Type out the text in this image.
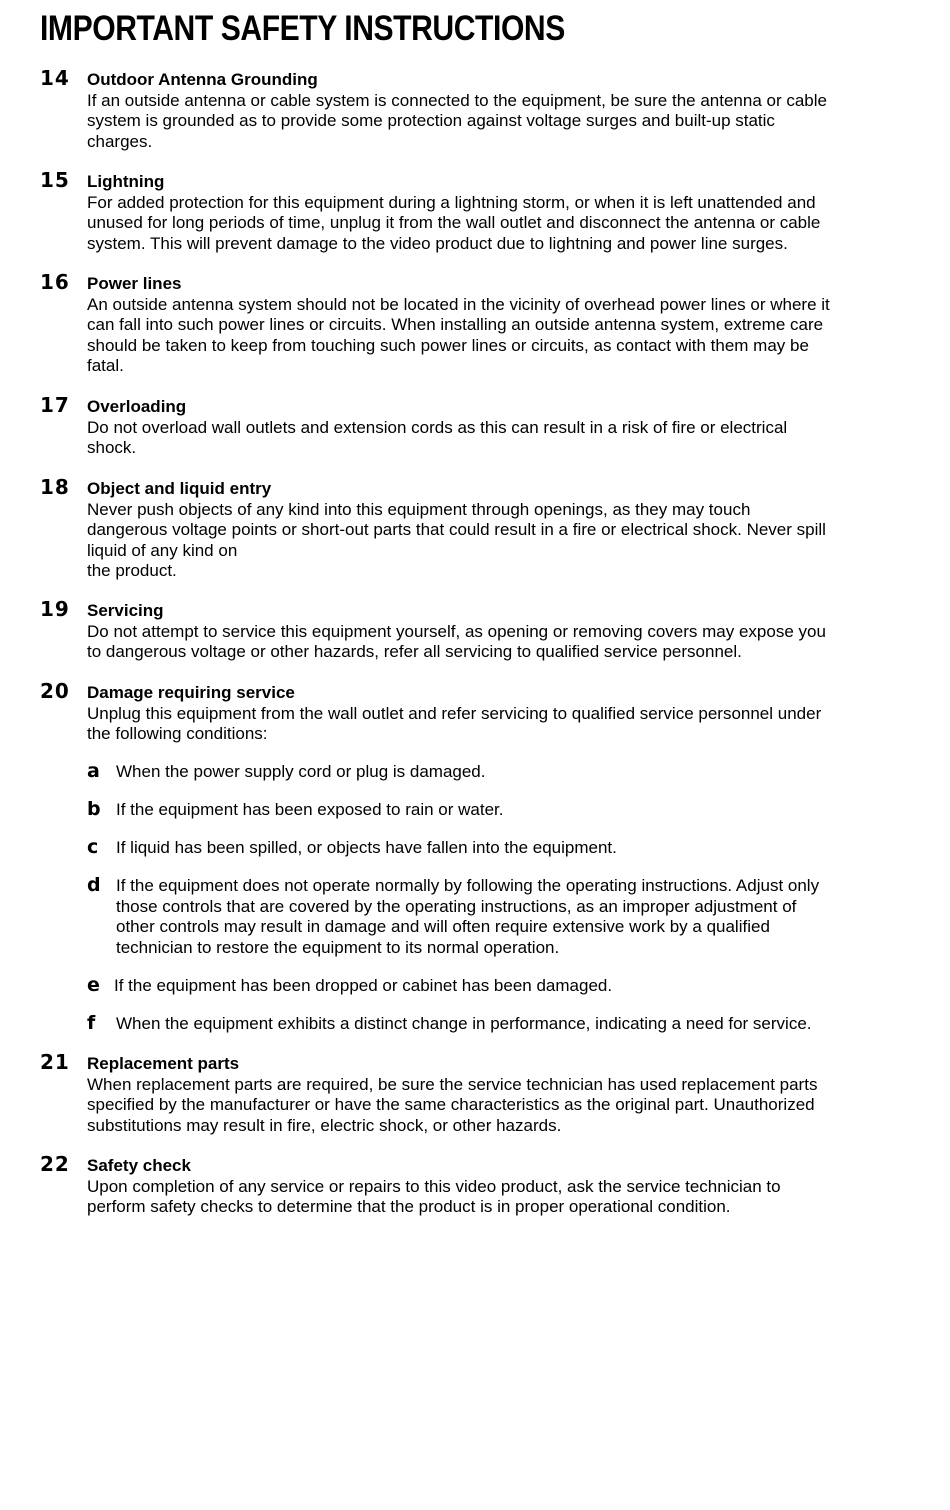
IMPORTANT SAFETY INSTRUCTIONS
14 Outdoor Antenna Grounding

If an outside antenna or cable system is connected to the equipment, be sure the antenna or cable
system is grounded as to provide some protection against voltage surges and built-up static
charges.

15 Lightning

For added protection for this equipment during a lightning storm, or when it is left unattended and
unused for long periods of time, unplug it from the wall outlet and disconnect the antenna or cable
system. This will prevent damage to the video product due to lightning and power line surges.

16 Power lines

An outside antenna system should not be located in the vicinity of overhead power lines or where it
can fall into such power lines or circuits. When installing an outside antenna system, extreme care
should be taken to keep from touching such power lines or circuits, as contact with them may be
fatal.

17 Overloading

Do not overload wall outlets and extension cords as this can result in a risk of fire or electrical
shock.

18 Object and liquid entry

Never push objects of any kind into this equipment through openings, as they may touch
dangerous voltage points or short-out parts that could result in a fire or electrical shock. Never spill
liquid of any kind on
the product.

19 Servicing

Do not attempt to service this equipment yourself, as opening or removing covers may expose you
to dangerous voltage or other hazards, refer all servicing to qualified service personnel.

20 Damage requiring service

Unplug this equipment from the wall outlet and refer servicing to qualified service personnel under
the following conditions:

a When the power supply cord or plug is damaged.
b If the equipment has been exposed to rain or water.
c If liquid has been spilled, or objects have fallen into the equipment.
d If the equipment does not operate normally by following the operating instructions. Adjust only
those controls that are covered by the operating instructions, as an improper adjustment of
other controls may result in damage and will often require extensive work by a qualified
technician to restore the equipment to its normal operation.
e If the equipment has been dropped or cabinet has been damaged.
f When the equipment exhibits a distinct change in performance, indicating a need for service.
21 Replacement parts

When replacement parts are required, be sure the service technician has used replacement parts
specified by the manufacturer or have the same characteristics as the original part. Unauthorized
substitutions may result in fire, electric shock, or other hazards.

22 Safety check

Upon completion of any service or repairs to this video product, ask the service technician to
perform safety checks to determine that the product is in proper operational condition.
